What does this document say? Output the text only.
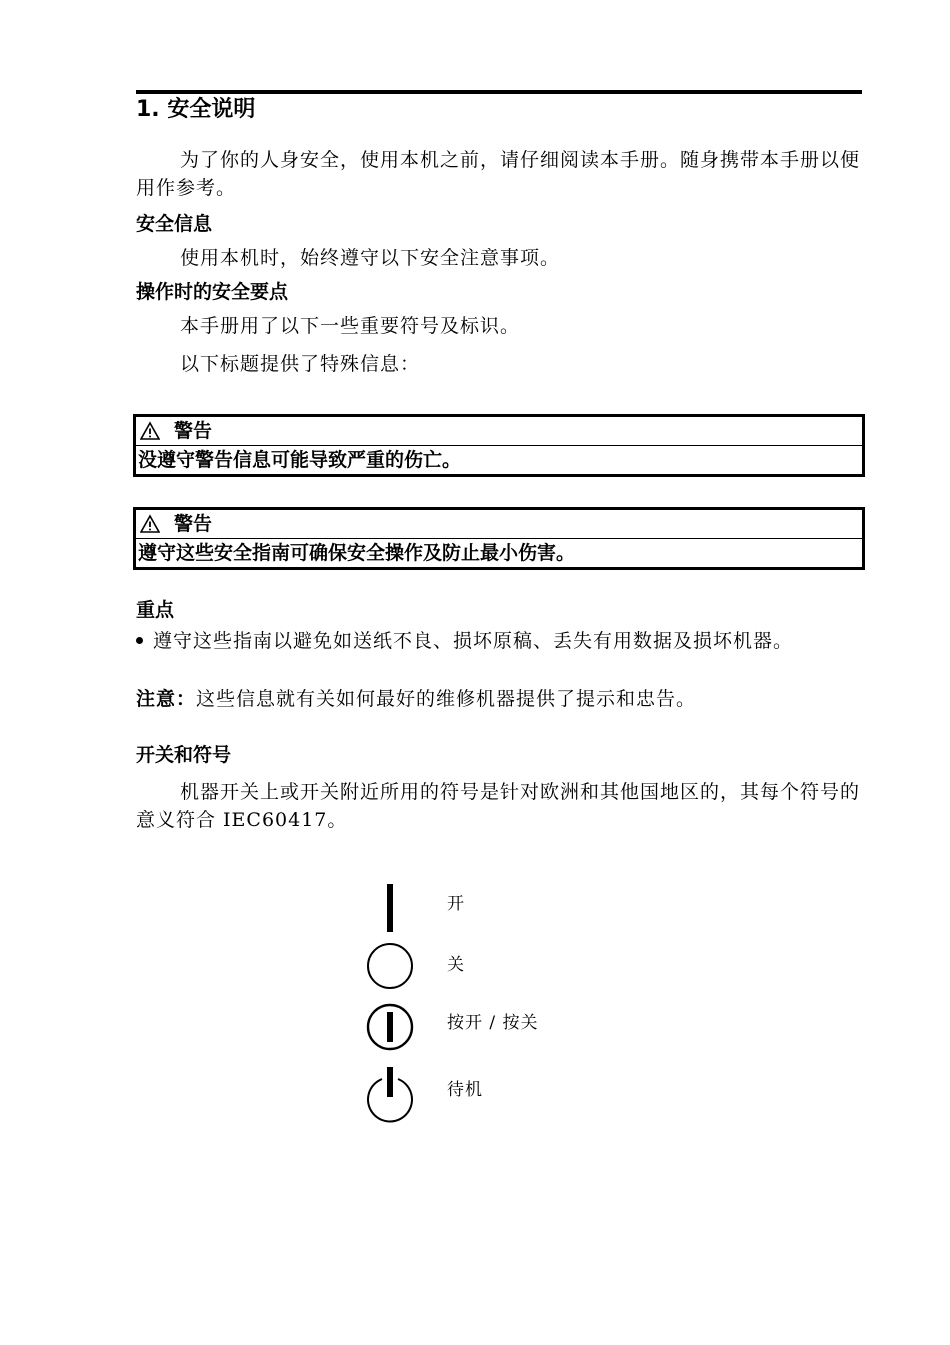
1. 安全说明
为了你的人身安全，使用本机之前，请仔细阅读本手册。随身携带本手册以便用作参考。
安全信息
使用本机时，始终遵守以下安全注意事项。
操作时的安全要点
本手册用了以下一些重要符号及标识。
以下标题提供了特殊信息：
警告
没遵守警告信息可能导致严重的伤亡。
警告
遵守这些安全指南可确保安全操作及防止最小伤害。
重点
遵守这些指南以避免如送纸不良、损坏原稿、丢失有用数据及损坏机器。
注意：这些信息就有关如何最好的维修机器提供了提示和忠告。
开关和符号
机器开关上或开关附近所用的符号是针对欧洲和其他国地区的，其每个符号的意义符合 IEC60417。
开
关
按开 / 按关
待机
